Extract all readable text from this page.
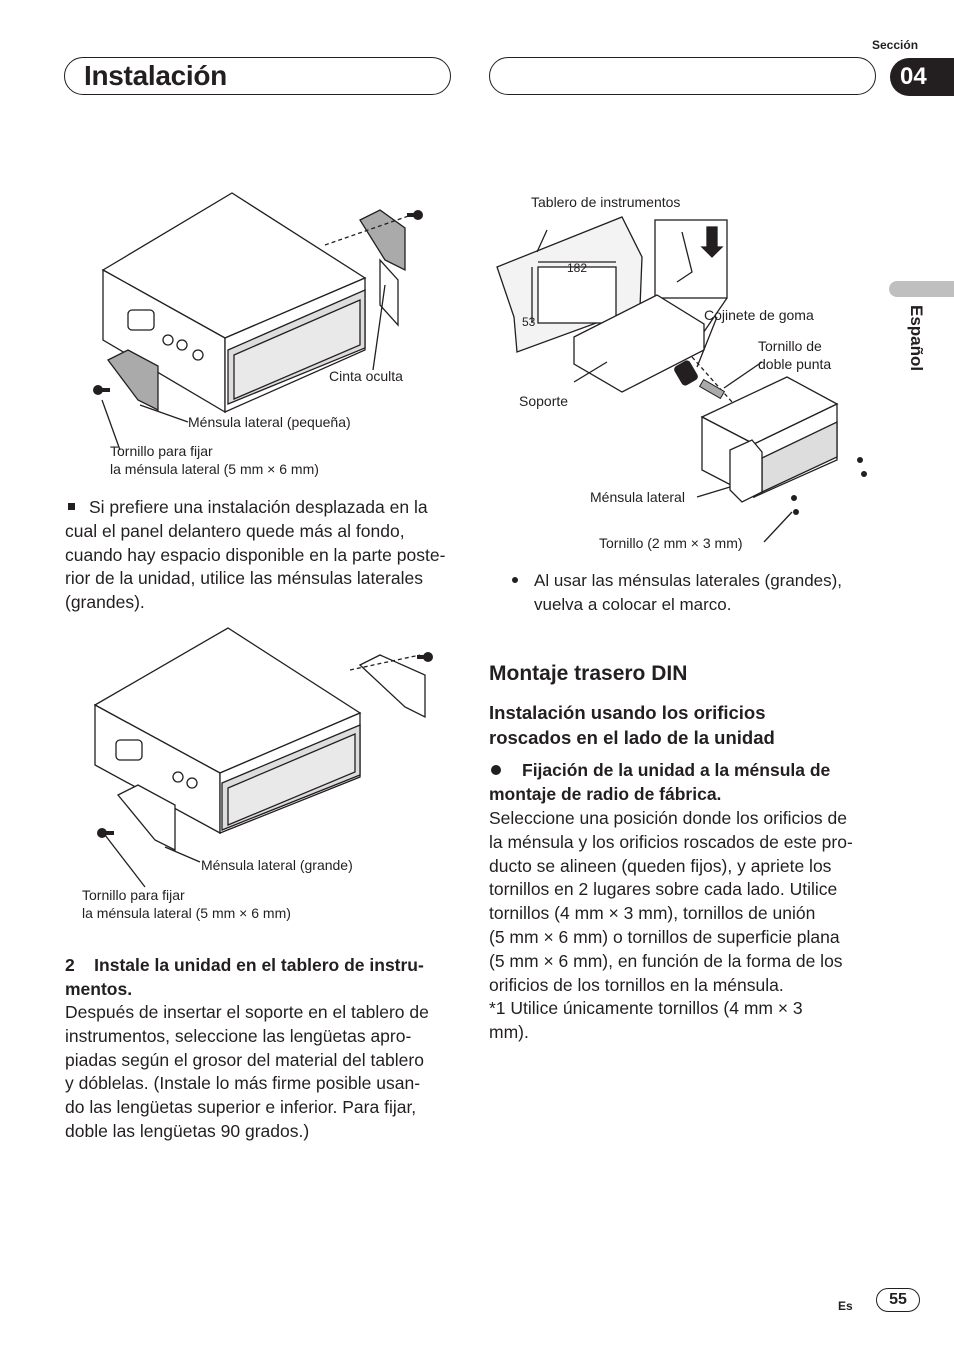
Instalación
Sección
04
Español
Cinta oculta
Ménsula lateral (pequeña)
Tornillo para fijar
la ménsula lateral (5 mm × 6 mm)
Si prefiere una instalación desplazada en la
cual el panel delantero quede más al fondo,
cuando hay espacio disponible en la parte poste-
rior de la unidad, utilice las ménsulas laterales
(grandes).
Ménsula lateral (grande)
Tornillo para fijar
la ménsula lateral (5 mm × 6 mm)
2    Instale la unidad en el tablero de instru-
mentos.
Después de insertar el soporte en el tablero de
instrumentos, seleccione las lengüetas apro-
piadas según el grosor del material del tablero
y dóblelas. (Instale lo más firme posible usan-
do las lengüetas superior e inferior. Para fijar,
doble las lengüetas 90 grados.)
182
53
Tablero de instrumentos
Cojinete de goma
Tornillo de
doble punta
Soporte
Ménsula lateral
Tornillo (2 mm × 3 mm)
Al usar las ménsulas laterales (grandes),
vuelva a colocar el marco.
Montaje trasero DIN
Instalación usando los orificios
roscados en el lado de la unidad
Fijación de la unidad a la ménsula de
montaje de radio de fábrica.
Seleccione una posición donde los orificios de
la ménsula y los orificios roscados de este pro-
ducto se alineen (queden fijos), y apriete los
tornillos en 2 lugares sobre cada lado. Utilice
tornillos (4 mm × 3 mm), tornillos de unión
(5 mm × 6 mm) o tornillos de superficie plana
(5 mm × 6 mm), en función de la forma de los
orificios de los tornillos en la ménsula.
*1 Utilice únicamente tornillos (4 mm × 3
mm).
Es	55
